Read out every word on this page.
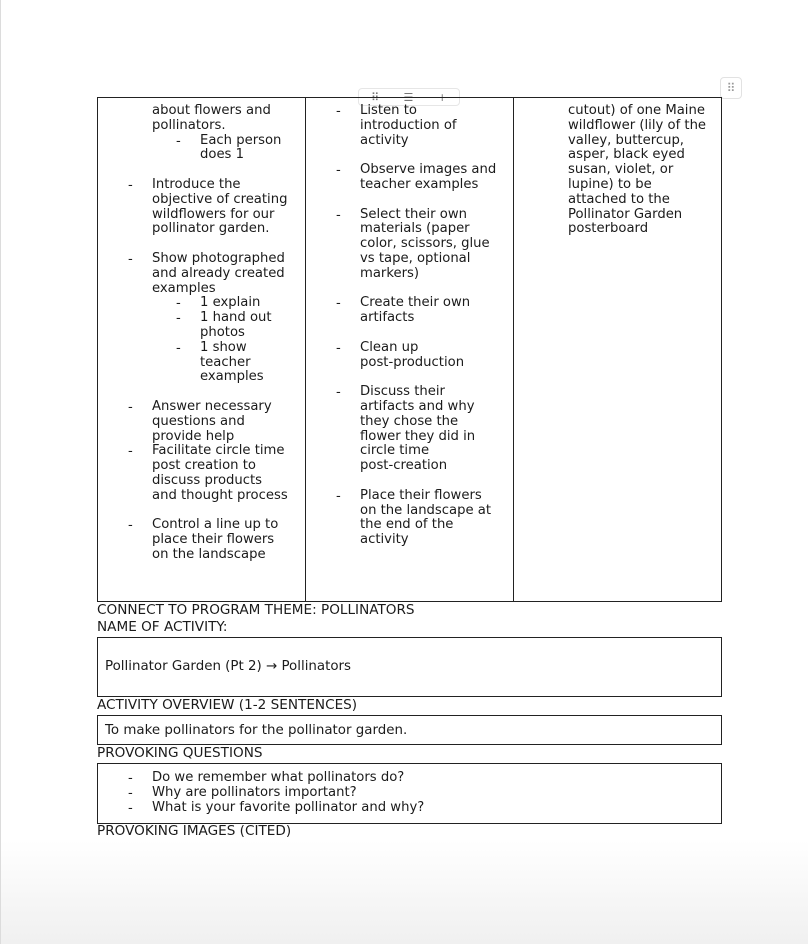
⠿
⠿ ☰ +
about flowers and
pollinators.
- Each person
does 1
- Introduce the
objective of creating
wildflowers for our
pollinator garden.
- Show photographed
and already created
examples
- 1 explain
- 1 hand out
photos
- 1 show
teacher
examples
- Answer necessary
questions and
provide help
- Facilitate circle time
post creation to
discuss products
and thought process
- Control a line up to
place their flowers
on the landscape
- Listen to
introduction of
activity
- Observe images and
teacher examples
- Select their own
materials (paper
color, scissors, glue
vs tape, optional
markers)
- Create their own
artifacts
- Clean up
post-production
- Discuss their
artifacts and why
they chose the
flower they did in
circle time
post-creation
- Place their flowers
on the landscape at
the end of the
activity
cutout) of one Maine
wildflower (lily of the
valley, buttercup,
asper, black eyed
susan, violet, or
lupine) to be
attached to the
Pollinator Garden
posterboard
CONNECT TO PROGRAM THEME: POLLINATORS
NAME OF ACTIVITY:
Pollinator Garden (Pt 2) → Pollinators
ACTIVITY OVERVIEW (1-2 SENTENCES)
To make pollinators for the pollinator garden.
PROVOKING QUESTIONS
- Do we remember what pollinators do?
- Why are pollinators important?
- What is your favorite pollinator and why?
PROVOKING IMAGES (CITED)
